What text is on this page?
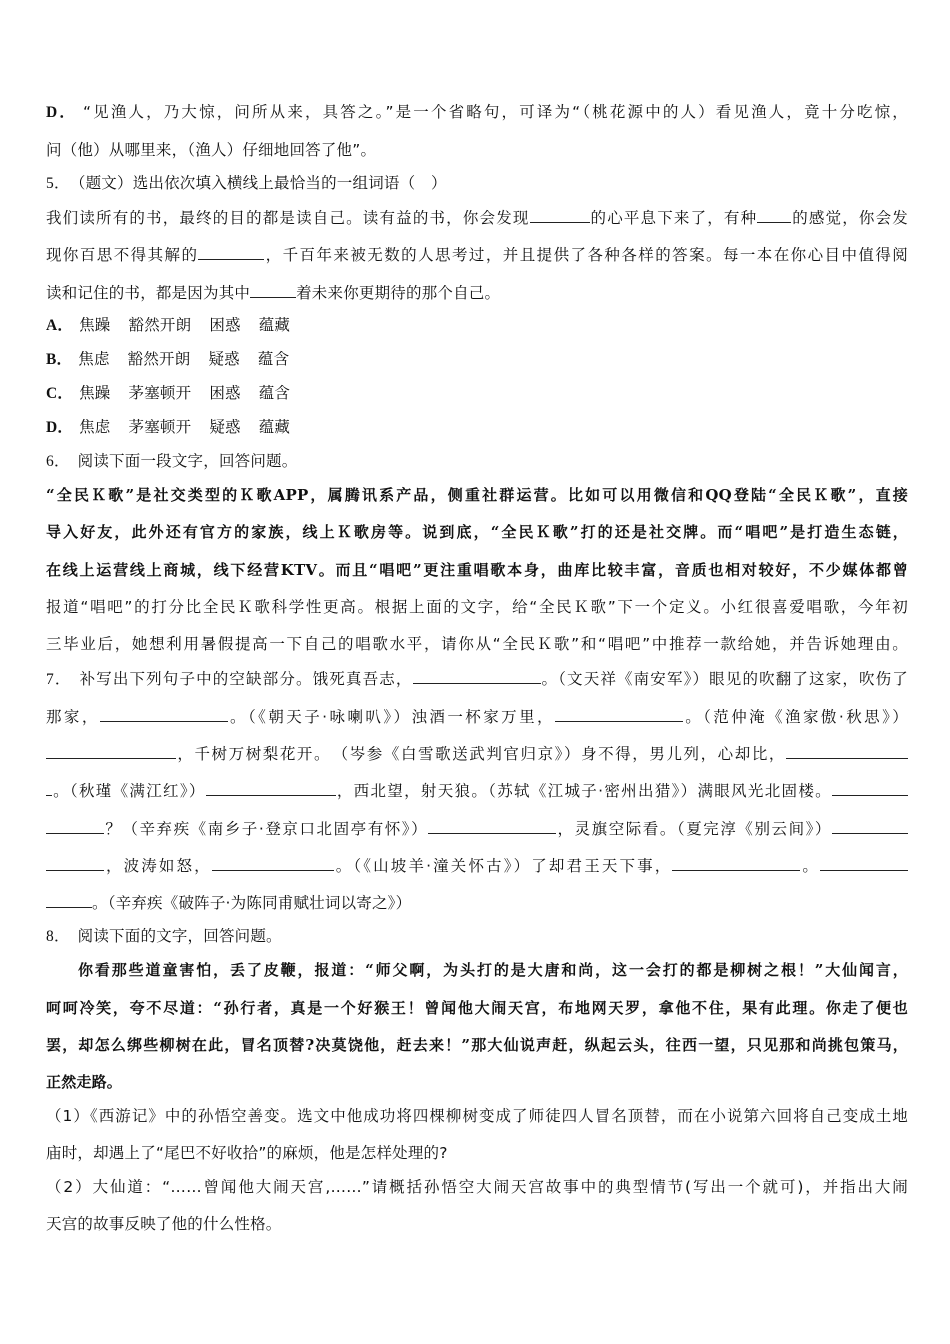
D． “见渔人，乃大惊，问所从来，具答之。”是一个省略句，可译为“（桃花源中的人）看见渔人，竟十分吃惊，
问（他）从哪里来，（渔人）仔细地回答了他”。
5． （题文）选出依次填入横线上最恰当的一组词语（　）
我们读所有的书，最终的目的都是读自己。读有益的书，你会发现	的心平息下来了，有种 的感觉，你会发
现你百思不得其解的	，千百年来被无数的人思考过，并且提供了各种各样的答案。每一本在你心目中值得阅
读和记住的书，都是因为其中	着未来你更期待的那个自己。
A． 焦躁 豁然开朗 困惑 蕴藏
B． 焦虑 豁然开朗 疑惑 蕴含
C． 焦躁 茅塞顿开 困惑 蕴含
D． 焦虑 茅塞顿开 疑惑 蕴藏
6． 阅读下面一段文字，回答问题。
“全民Ｋ歌”是社交类型的Ｋ歌APP，属腾讯系产品，侧重社群运营。比如可以用微信和QQ登陆“全民Ｋ歌”，直接
导入好友，此外还有官方的家族，线上Ｋ歌房等。说到底，“全民Ｋ歌”打的还是社交牌。而“唱吧”是打造生态链，
在线上运营线上商城，线下经营KTV。而且“唱吧”更注重唱歌本身，曲库比较丰富，音质也相对较好，不少媒体都曾
报道“唱吧”的打分比全民Ｋ歌科学性更高。根据上面的文字，给“全民Ｋ歌”下一个定义。小红很喜爱唱歌，今年初
三毕业后，她想利用暑假提高一下自己的唱歌水平，请你从“全民Ｋ歌”和“唱吧”中推荐一款给她，并告诉她理由。
7． 补写出下列句子中的空缺部分。饿死真吾志，	。（文天祥《南安军》）眼见的吹翻了这家，吹伤了
那家，	。（《朝天子·咏喇叭》）浊酒一杯家万里，	。（范仲淹《渔家傲·秋思》）
，千树万树梨花开。　（岑参《白雪歌送武判官归京》）身不得，男儿列，心却比，
。（秋瑾《满江红》）	，西北望，射天狼。（苏轼《江城子·密州出猎》）满眼风光北固楼。
？（辛弃疾《南乡子·登京口北固亭有怀》）	，灵旗空际看。（夏完淳《别云间》）
，波涛如怒，	。（《山坡羊·潼关怀古》）了却君王天下事，	。
。（辛弃疾《破阵子·为陈同甫赋壮词以寄之》）
8． 阅读下面的文字，回答问题。
你看那些道童害怕，丢了皮鞭，报道：“师父啊，为头打的是大唐和尚，这一会打的都是柳树之根！”大仙闻言，
呵呵冷笑，夸不尽道：“孙行者，真是一个好猴王！曾闻他大闹天宫，布地网天罗，拿他不住，果有此理。你走了便也
罢，却怎么绑些柳树在此，冒名顶替?决莫饶他，赶去来！”那大仙说声赶，纵起云头，往西一望，只见那和尚挑包策马，
正然走路。
（1）《西游记》中的孙悟空善变。选文中他成功将四棵柳树变成了师徒四人冒名顶替，而在小说第六回将自己变成土地
庙时，却遇上了“尾巴不好收拾”的麻烦，他是怎样处理的?
（2）大仙道：“……曾闻他大闹天宫,……”请概括孙悟空大闹天宫故事中的典型情节(写出一个就可)，并指出大闹
天宫的故事反映了他的什么性格。
